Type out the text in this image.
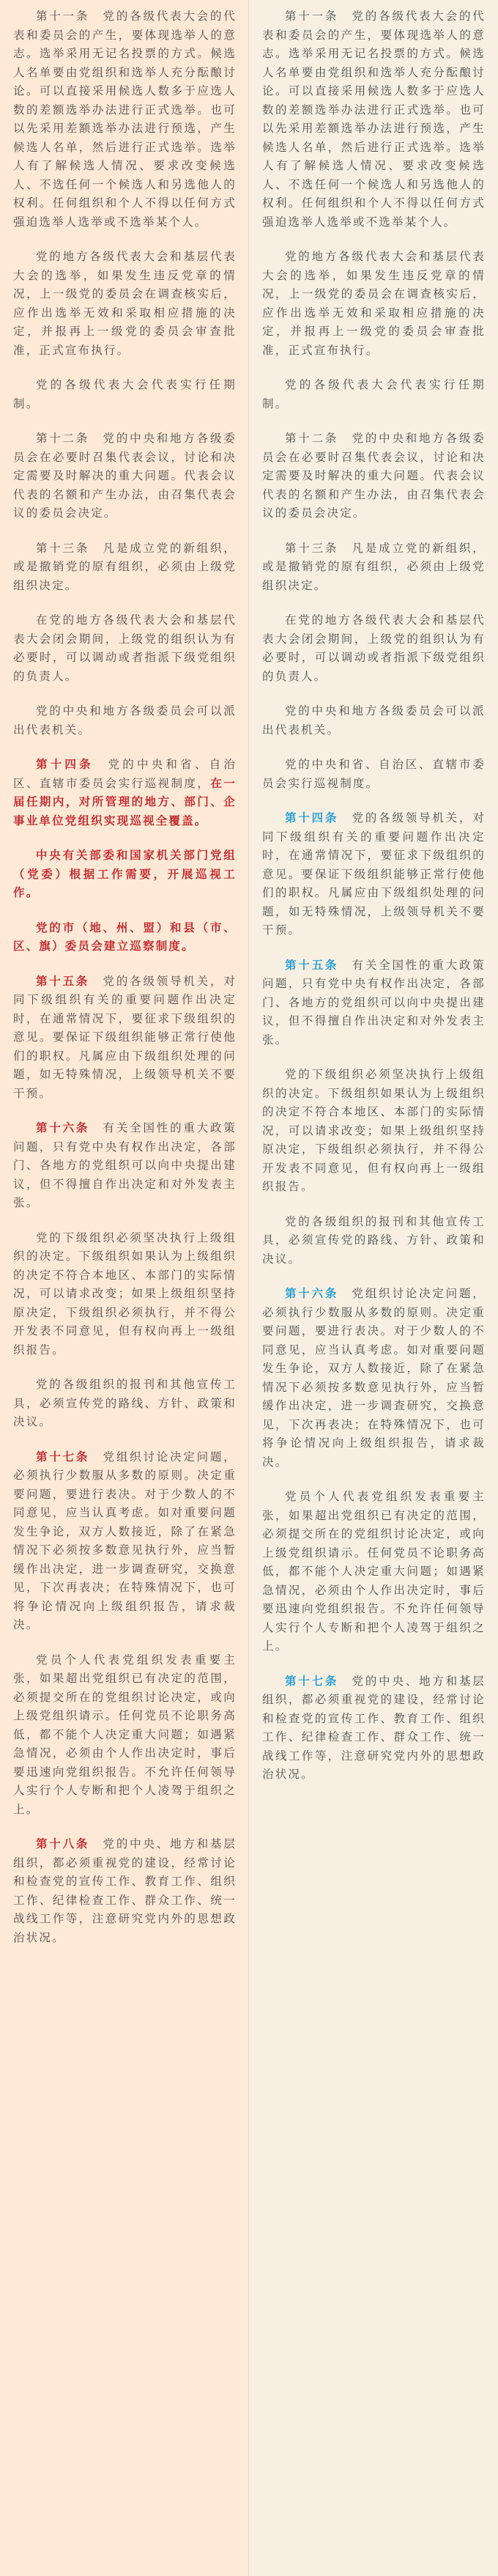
第十一条　党的各级代表大会的代表和委员会的产生，要体现选举人的意志。选举采用无记名投票的方式。候选人名单要由党组织和选举人充分酝酿讨论。可以直接采用候选人数多于应选人数的差额选举办法进行正式选举。也可以先采用差额选举办法进行预选，产生候选人名单，然后进行正式选举。选举人有了解候选人情况、要求改变候选人、不选任何一个候选人和另选他人的权利。任何组织和个人不得以任何方式强迫选举人选举或不选举某个人。

党的地方各级代表大会和基层代表大会的选举，如果发生违反党章的情况，上一级党的委员会在调查核实后，应作出选举无效和采取相应措施的决定，并报再上一级党的委员会审查批准，正式宣布执行。

党的各级代表大会代表实行任期制。

第十二条　党的中央和地方各级委员会在必要时召集代表会议，讨论和决定需要及时解决的重大问题。代表会议代表的名额和产生办法，由召集代表会议的委员会决定。

第十三条　凡是成立党的新组织，或是撤销党的原有组织，必须由上级党组织决定。

在党的地方各级代表大会和基层代表大会闭会期间，上级党的组织认为有必要时，可以调动或者指派下级党组织的负责人。

党的中央和地方各级委员会可以派出代表机关。

第十四条　党的中央和省、自治区、直辖市委员会实行巡视制度，在一届任期内，对所管理的地方、部门、企事业单位党组织实现巡视全覆盖。

中央有关部委和国家机关部门党组（党委）根据工作需要，开展巡视工作。

党的市（地、州、盟）和县（市、区、旗）委员会建立巡察制度。

第十五条　党的各级领导机关，对同下级组织有关的重要问题作出决定时，在通常情况下，要征求下级组织的意见。要保证下级组织能够正常行使他们的职权。凡属应由下级组织处理的问题，如无特殊情况，上级领导机关不要干预。

第十六条　有关全国性的重大政策问题，只有党中央有权作出决定，各部门、各地方的党组织可以向中央提出建议，但不得擅自作出决定和对外发表主张。

党的下级组织必须坚决执行上级组织的决定。下级组织如果认为上级组织的决定不符合本地区、本部门的实际情况，可以请求改变；如果上级组织坚持原决定，下级组织必须执行，并不得公开发表不同意见，但有权向再上一级组织报告。

党的各级组织的报刊和其他宣传工具，必须宣传党的路线、方针、政策和决议。

第十七条　党组织讨论决定问题，必须执行少数服从多数的原则。决定重要问题，要进行表决。对于少数人的不同意见，应当认真考虑。如对重要问题发生争论，双方人数接近，除了在紧急情况下必须按多数意见执行外，应当暂缓作出决定，进一步调查研究，交换意见，下次再表决；在特殊情况下，也可将争论情况向上级组织报告，请求裁决。

党员个人代表党组织发表重要主张，如果超出党组织已有决定的范围，必须提交所在的党组织讨论决定，或向上级党组织请示。任何党员不论职务高低，都不能个人决定重大问题；如遇紧急情况，必须由个人作出决定时，事后要迅速向党组织报告。不允许任何领导人实行个人专断和把个人凌驾于组织之上。

第十八条　党的中央、地方和基层组织，都必须重视党的建设，经常讨论和检查党的宣传工作、教育工作、组织工作、纪律检查工作、群众工作、统一战线工作等，注意研究党内外的思想政治状况。

第十一条　党的各级代表大会的代表和委员会的产生，要体现选举人的意志。选举采用无记名投票的方式。候选人名单要由党组织和选举人充分酝酿讨论。可以直接采用候选人数多于应选人数的差额选举办法进行正式选举。也可以先采用差额选举办法进行预选，产生候选人名单，然后进行正式选举。选举人有了解候选人情况、要求改变候选人、不选任何一个候选人和另选他人的权利。任何组织和个人不得以任何方式强迫选举人选举或不选举某个人。

党的地方各级代表大会和基层代表大会的选举，如果发生违反党章的情况，上一级党的委员会在调查核实后，应作出选举无效和采取相应措施的决定，并报再上一级党的委员会审查批准，正式宣布执行。

党的各级代表大会代表实行任期制。

第十二条　党的中央和地方各级委员会在必要时召集代表会议，讨论和决定需要及时解决的重大问题。代表会议代表的名额和产生办法，由召集代表会议的委员会决定。

第十三条　凡是成立党的新组织，或是撤销党的原有组织，必须由上级党组织决定。

在党的地方各级代表大会和基层代表大会闭会期间，上级党的组织认为有必要时，可以调动或者指派下级党组织的负责人。

党的中央和地方各级委员会可以派出代表机关。

党的中央和省、自治区、直辖市委员会实行巡视制度。

第十四条　党的各级领导机关，对同下级组织有关的重要问题作出决定时，在通常情况下，要征求下级组织的意见。要保证下级组织能够正常行使他们的职权。凡属应由下级组织处理的问题，如无特殊情况，上级领导机关不要干预。

第十五条　有关全国性的重大政策问题，只有党中央有权作出决定，各部门、各地方的党组织可以向中央提出建议，但不得擅自作出决定和对外发表主张。

党的下级组织必须坚决执行上级组织的决定。下级组织如果认为上级组织的决定不符合本地区、本部门的实际情况，可以请求改变；如果上级组织坚持原决定，下级组织必须执行，并不得公开发表不同意见，但有权向再上一级组织报告。

党的各级组织的报刊和其他宣传工具，必须宣传党的路线、方针、政策和决议。

第十六条　党组织讨论决定问题，必须执行少数服从多数的原则。决定重要问题，要进行表决。对于少数人的不同意见，应当认真考虑。如对重要问题发生争论，双方人数接近，除了在紧急情况下必须按多数意见执行外，应当暂缓作出决定，进一步调查研究，交换意见，下次再表决；在特殊情况下，也可将争论情况向上级组织报告，请求裁决。

党员个人代表党组织发表重要主张，如果超出党组织已有决定的范围，必须提交所在的党组织讨论决定，或向上级党组织请示。任何党员不论职务高低，都不能个人决定重大问题；如遇紧急情况，必须由个人作出决定时，事后要迅速向党组织报告。不允许任何领导人实行个人专断和把个人凌驾于组织之上。

第十七条　党的中央、地方和基层组织，都必须重视党的建设，经常讨论和检查党的宣传工作、教育工作、组织工作、纪律检查工作、群众工作、统一战线工作等，注意研究党内外的思想政治状况。
